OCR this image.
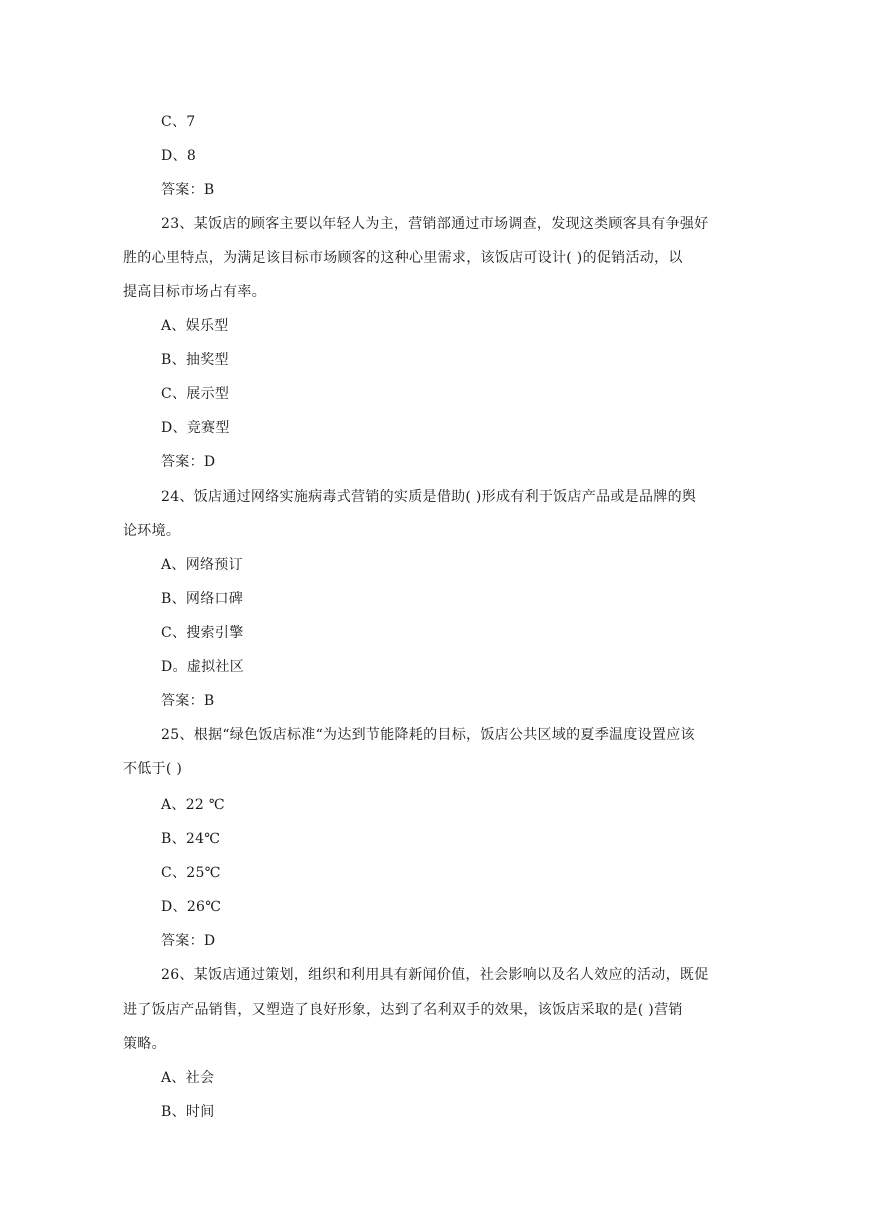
C、7
D、8
答案：B
23、某饭店的顾客主要以年轻人为主，营销部通过市场调查，发现这类顾客具有争强好
胜的心里特点，为满足该目标市场顾客的这种心里需求，该饭店可设计( )的促销活动，以
提高目标市场占有率。
A、娱乐型
B、抽奖型
C、展示型
D、竞赛型
答案：D
24、饭店通过网络实施病毒式营销的实质是借助( )形成有利于饭店产品或是品牌的舆
论环境。
A、网络预订
B、网络口碑
C、搜索引擎
D。虚拟社区
答案：B
25、根据“绿色饭店标准“为达到节能降耗的目标，饭店公共区域的夏季温度设置应该
不低于( )
A、22 ℃
B、24℃
C、25℃
D、26℃
答案：D
26、某饭店通过策划，组织和利用具有新闻价值，社会影响以及名人效应的活动，既促
进了饭店产品销售，又塑造了良好形象，达到了名利双手的效果，该饭店采取的是( )营销
策略。
A、社会
B、时间
